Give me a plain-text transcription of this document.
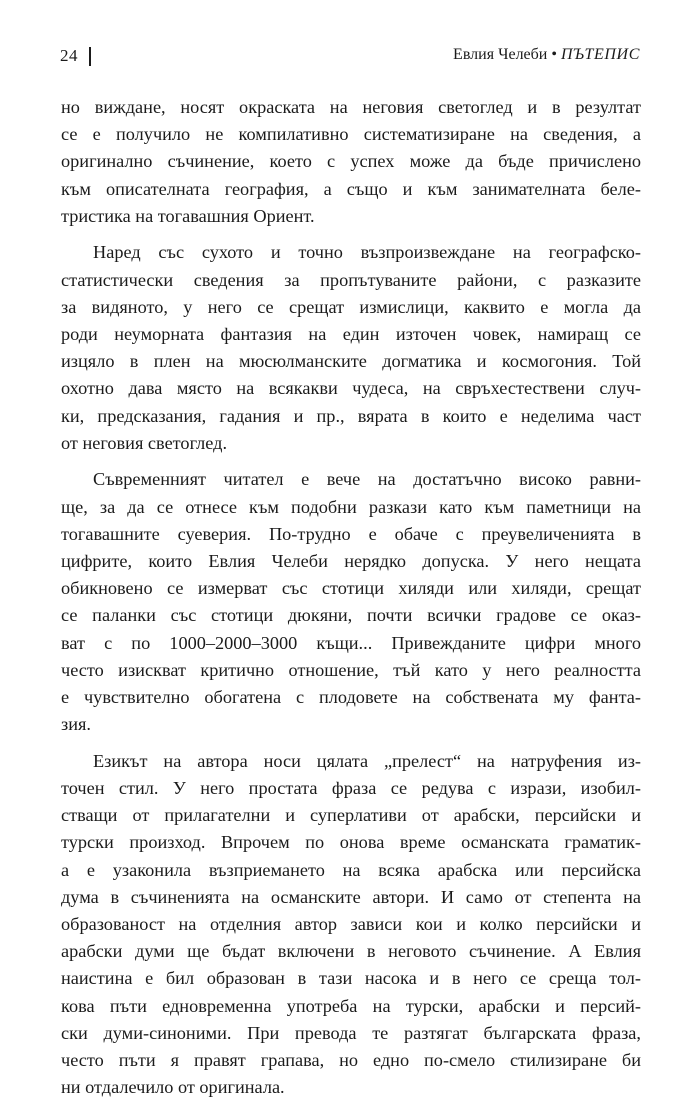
24	Евлия Челеби • ПЪТЕПИС
но виждане, носят окраската на неговия светоглед и в резултат
се е получило не компилативно систематизиране на сведения, а
оригинално съчинение, което с успех може да бъде причислено
към описателната география, а също и към занимателната беле-
тристика на тогавашния Ориент.
Наред със сухото и точно възпроизвеждане на географско-
статистически сведения за пропътуваните райони, с разказите
за видяното, у него се срещат измислици, каквито е могла да
роди неуморната фантазия на един източен човек, намиращ се
изцяло в плен на мюсюлманските догматика и космогония. Той
охотно дава място на всякакви чудеса, на свръхестествени случ-
ки, предсказания, гадания и пр., вярата в които е неделима част
от неговия светоглед.
Съвременният читател е вече на достатъчно високо равни-
ще, за да се отнесе към подобни разкази като към паметници на
тогавашните суеверия. По-трудно е обаче с преувеличенията в
цифрите, които Евлия Челеби нерядко допуска. У него нещата
обикновено се измерват със стотици хиляди или хиляди, срещат
се паланки със стотици дюкяни, почти всички градове се оказ-
ват с по 1000–2000–3000 къщи... Привежданите цифри много
често изискват критично отношение, тъй като у него реалността
е чувствително обогатена с плодовете на собствената му фанта-
зия.
Езикът на автора носи цялата „прелест“ на натруфения из-
точен стил. У него простата фраза се редува с изрази, изобил-
стващи от прилагателни и суперлативи от арабски, персийски и
турски произход. Впрочем по онова време османската граматик-
а е узаконила възприемането на всяка арабска или персийска
дума в съчиненията на османските автори. И само от степента на
образованост на отделния автор зависи кои и колко персийски и
арабски думи ще бъдат включени в неговото съчинение. А Евлия
наистина е бил образован в тази насока и в него се среща тол-
кова пъти едновременна употреба на турски, арабски и персий-
ски думи-синоними. При превода те разтягат българската фраза,
често пъти я правят грапава, но едно по-смело стилизиране би
ни отдалечило от оригинала.
